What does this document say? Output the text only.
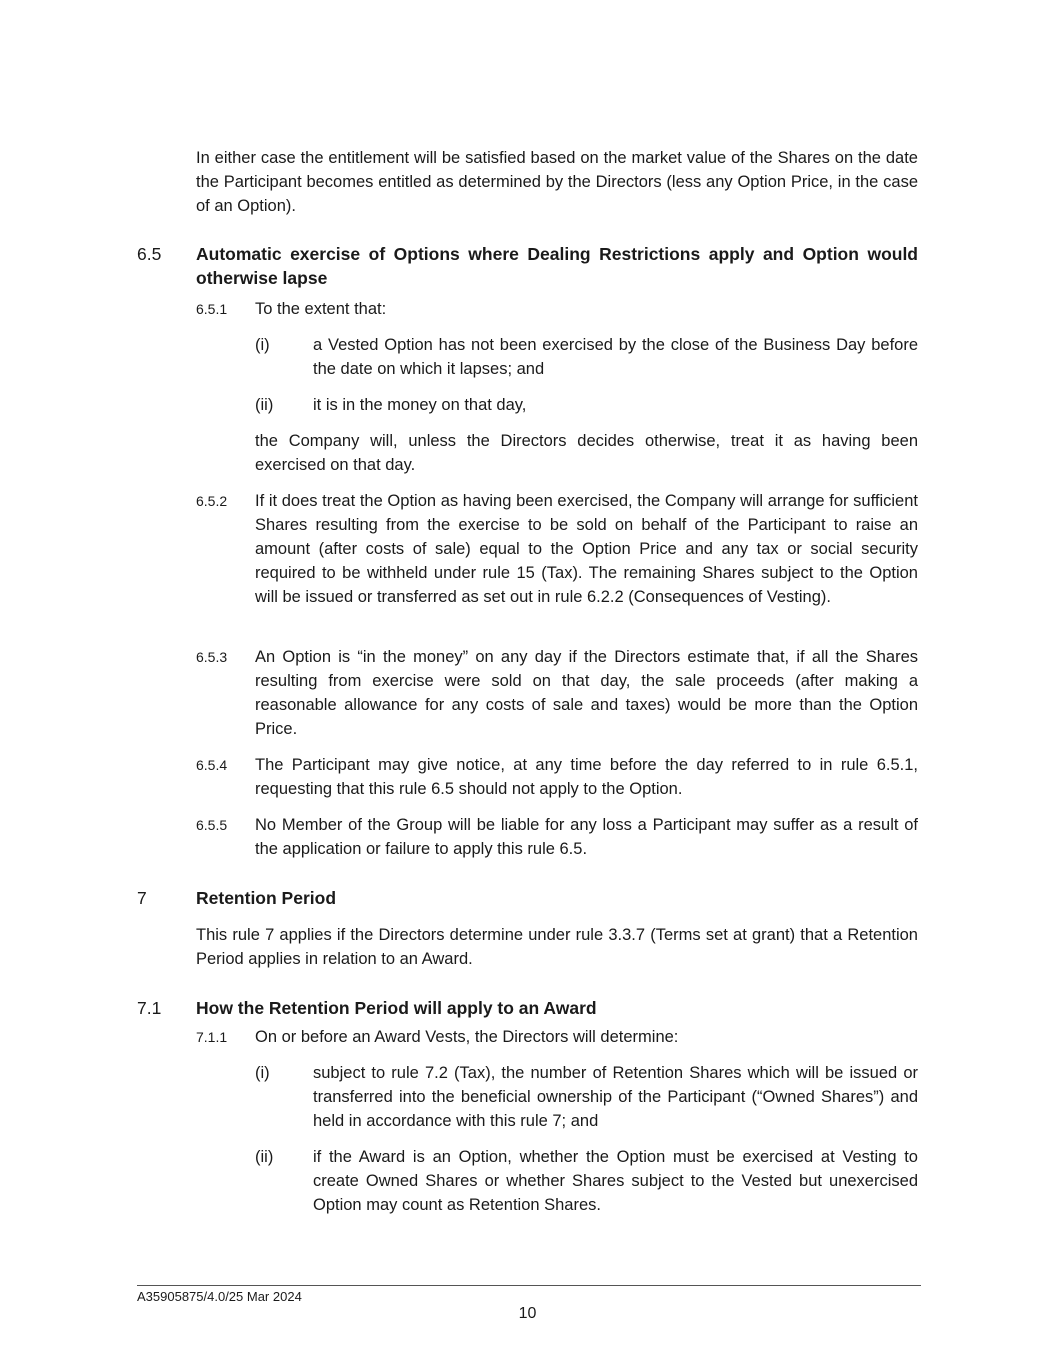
In either case the entitlement will be satisfied based on the market value of the Shares on the date the Participant becomes entitled as determined by the Directors (less any Option Price, in the case of an Option).
6.5 Automatic exercise of Options where Dealing Restrictions apply and Option would otherwise lapse
6.5.1 To the extent that:
(i)	a Vested Option has not been exercised by the close of the Business Day before the date on which it lapses; and
(ii) it is in the money on that day,
the Company will, unless the Directors decides otherwise, treat it as having been exercised on that day.
6.5.2 If it does treat the Option as having been exercised, the Company will arrange for sufficient Shares resulting from the exercise to be sold on behalf of the Participant to raise an amount (after costs of sale) equal to the Option Price and any tax or social security required to be withheld under rule 15 (Tax). The remaining Shares subject to the Option will be issued or transferred as set out in rule 6.2.2 (Consequences of Vesting).
6.5.3 An Option is “in the money” on any day if the Directors estimate that, if all the Shares resulting from exercise were sold on that day, the sale proceeds (after making a reasonable allowance for any costs of sale and taxes) would be more than the Option Price.
6.5.4 The Participant may give notice, at any time before the day referred to in rule 6.5.1, requesting that this rule 6.5 should not apply to the Option.
6.5.5 No Member of the Group will be liable for any loss a Participant may suffer as a result of the application or failure to apply this rule 6.5.
7	Retention Period
This rule 7 applies if the Directors determine under rule 3.3.7 (Terms set at grant) that a Retention Period applies in relation to an Award.
7.1 How the Retention Period will apply to an Award
7.1.1 On or before an Award Vests, the Directors will determine:
(i)	subject to rule 7.2 (Tax), the number of Retention Shares which will be issued or transferred into the beneficial ownership of the Participant (“Owned Shares”) and held in accordance with this rule 7; and
(ii) if the Award is an Option, whether the Option must be exercised at Vesting to create Owned Shares or whether Shares subject to the Vested but unexercised Option may count as Retention Shares.
A35905875/4.0/25 Mar 2024
10
